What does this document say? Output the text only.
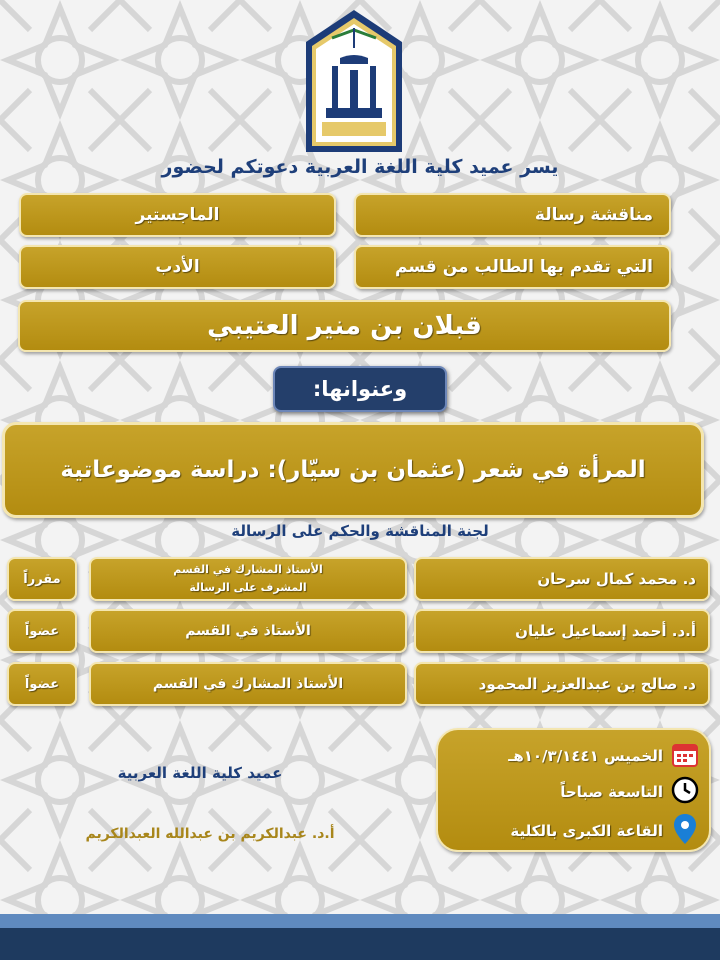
يسر عميد كلية اللغة العربية دعوتكم لحضور
مناقشة رسالة
الماجستير
التي تقدم بها الطالب من قسم
الأدب
قبلان بن منير العتيبي
وعنوانها:
المرأة في شعر (عثمان بن سيّار): دراسة موضوعاتية
لجنة المناقشة والحكم على الرسالة
د. محمد كمال سرحان
الأستاذ المشارك في القسم
المشرف على الرسالة
مقرراً
أ.د. أحمد إسماعيل عليان
الأستاذ في القسم
عضواً
د. صالح بن عبدالعزيز المحمود
الأستاذ المشارك في القسم
عضواً
الخميس ١٠/٣/١٤٤١هـ
التاسعة صباحاً
القاعة الكبرى بالكلية
عميد كلية اللغة العربية
أ.د. عبدالكريم بن عبدالله العبدالكريم
